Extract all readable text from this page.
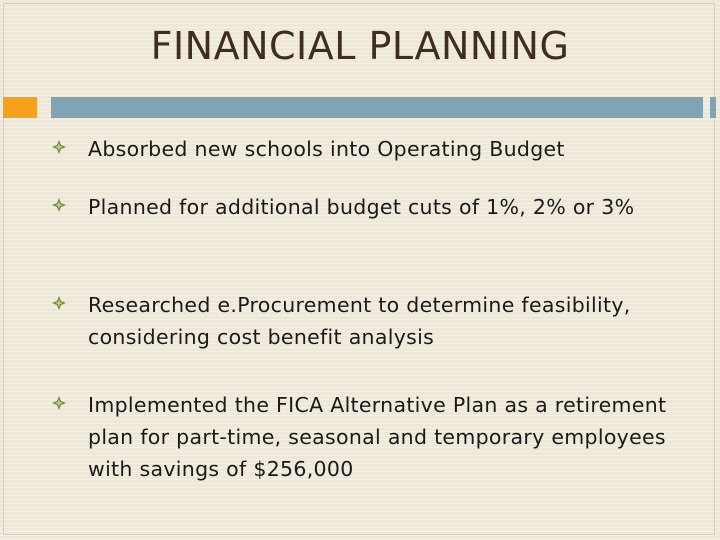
FINANCIAL PLANNING
Absorbed new schools into Operating Budget
Planned for additional budget cuts of 1%, 2% or 3%
Researched e.Procurement to determine feasibility, considering cost benefit analysis
Implemented the FICA Alternative Plan as a retirement plan for part-time, seasonal and temporary employees with savings of $256,000
